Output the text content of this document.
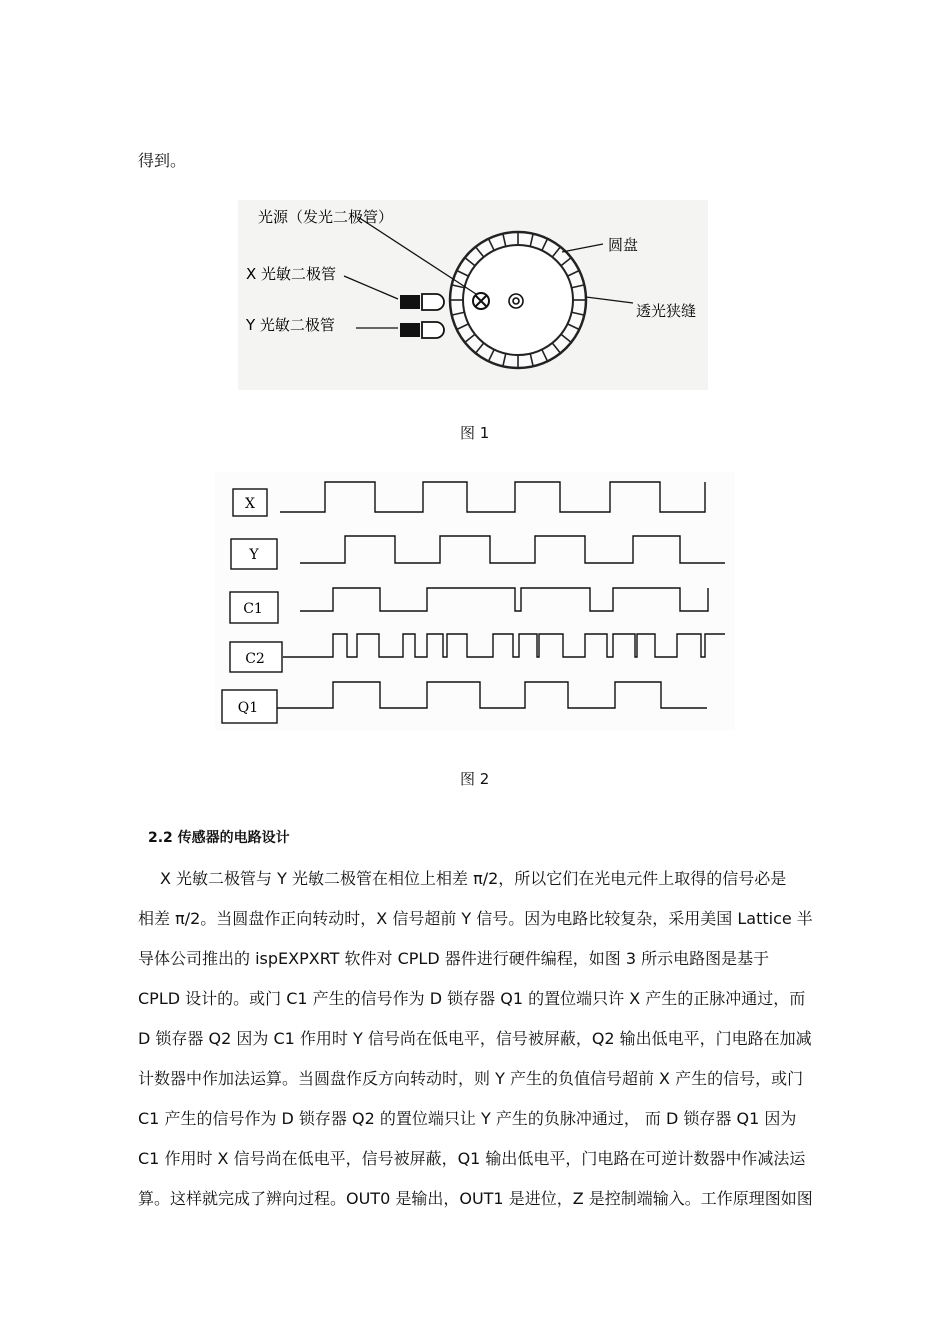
得到。
光源（发光二极管）
X 光敏二极管
Y 光敏二极管
圆盘
透光狭缝
图 1
X
Y
C1
C2
Q1
图 2
2.2 传感器的电路设计
X 光敏二极管与 Y 光敏二极管在相位上相差 π/2，所以它们在光电元件上取得的信号必是
相差 π/2。当圆盘作正向转动时，X 信号超前 Y 信号。因为电路比较复杂，采用美国 Lattice 半
导体公司推出的 ispEXPXRT 软件对 CPLD 器件进行硬件编程，如图 3 所示电路图是基于
CPLD 设计的。或门 C1 产生的信号作为 D 锁存器 Q1 的置位端只许 X 产生的正脉冲通过，而
D 锁存器 Q2 因为 C1 作用时 Y 信号尚在低电平，信号被屏蔽，Q2 输出低电平，门电路在加减
计数器中作加法运算。当圆盘作反方向转动时，则 Y 产生的负值信号超前 X 产生的信号，或门
C1 产生的信号作为 D 锁存器 Q2 的置位端只让 Y 产生的负脉冲通过， 而 D 锁存器 Q1 因为
C1 作用时 X 信号尚在低电平，信号被屏蔽，Q1 输出低电平，门电路在可逆计数器中作减法运
算。这样就完成了辨向过程。OUT0 是输出，OUT1 是进位，Z 是控制端输入。工作原理图如图
